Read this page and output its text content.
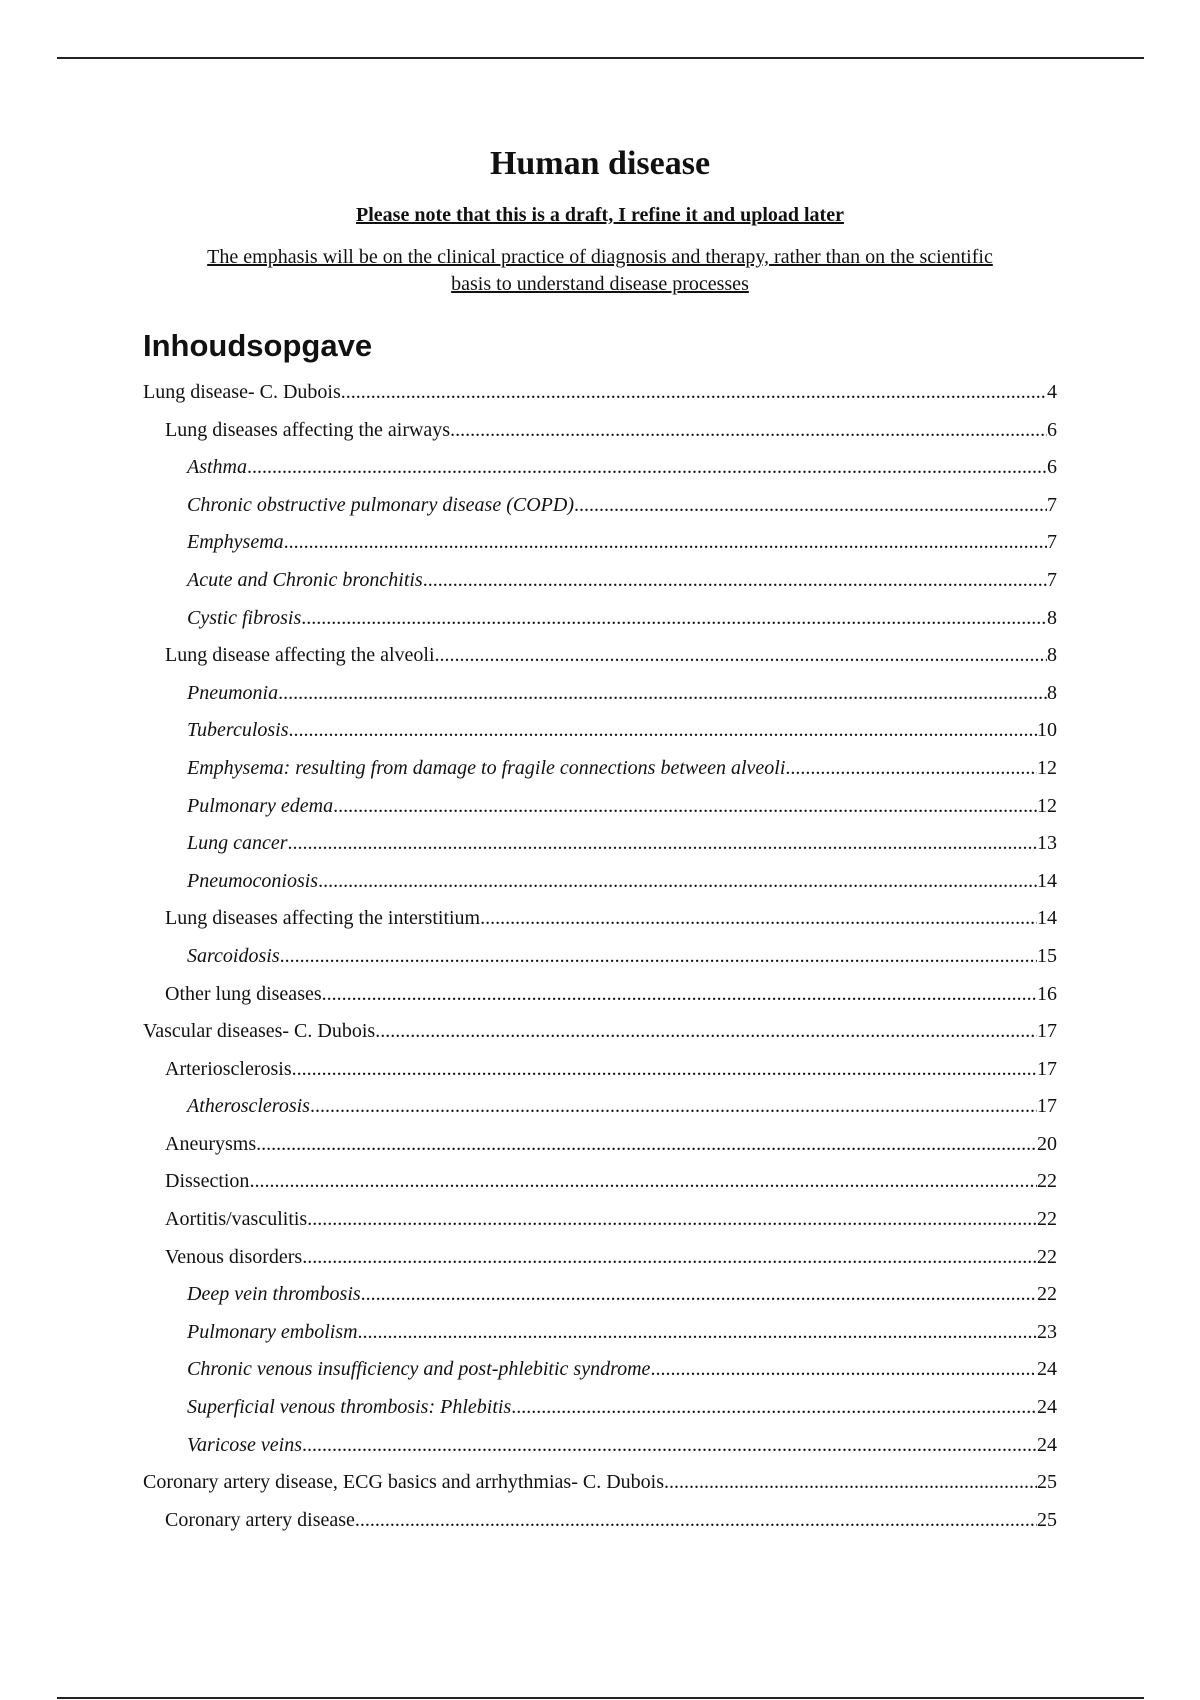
Human disease

Please note that this is a draft, I refine it and upload later

The emphasis will be on the clinical practice of diagnosis and therapy, rather than on the scientific
basis to understand disease processes

Inhoudsopgave
Lung disease- C. Dubois .....	4
Lung diseases affecting the airways .....	6
Asthma .....	6
Chronic obstructive pulmonary disease (COPD) .....	7
Emphysema .....	7
Acute and Chronic bronchitis .....	7
Cystic fibrosis .....	8
Lung disease affecting the alveoli .....	8
Pneumonia .....	8
Tuberculosis .....	10
Emphysema: resulting from damage to fragile connections between alveoli .....	12
Pulmonary edema .....	12
Lung cancer .....	13
Pneumoconiosis .....	14
Lung diseases affecting the interstitium .....	14
Sarcoidosis .....	15
Other lung diseases .....	16
Vascular diseases- C. Dubois .....	17
Arteriosclerosis .....	17
Atherosclerosis .....	17
Aneurysms .....	20
Dissection .....	22
Aortitis/vasculitis .....	22
Venous disorders .....	22
Deep vein thrombosis .....	22
Pulmonary embolism .....	23
Chronic venous insufficiency and post-phlebitic syndrome .....	24
Superficial venous thrombosis: Phlebitis .....	24
Varicose veins .....	24
Coronary artery disease, ECG basics and arrhythmias- C. Dubois .....	25
Coronary artery disease .....	25
